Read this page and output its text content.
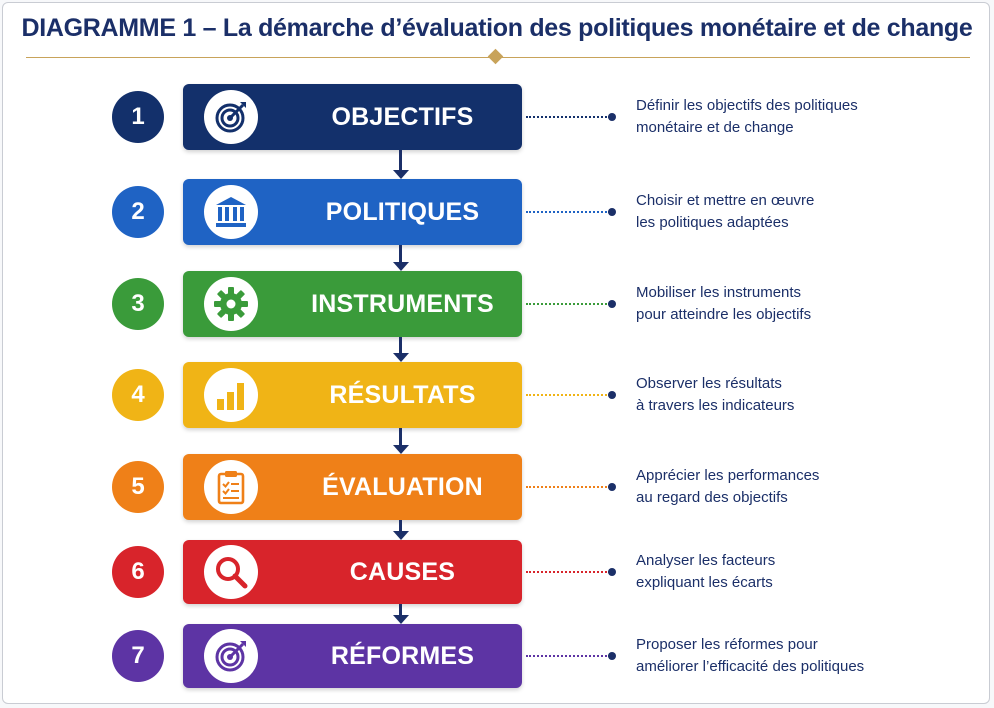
DIAGRAMME 1 – La démarche d’évaluation des politiques monétaire et de change
1	OBJECTIFS	Définir les objectifs des politiques
monétaire et de change
2	POLITIQUES	Choisir et mettre en œuvre
les politiques adaptées
3	INSTRUMENTS	Mobiliser les instruments
pour atteindre les objectifs
4	RÉSULTATS	Observer les résultats
à travers les indicateurs
5	ÉVALUATION	Apprécier les performances
au regard des objectifs
6	CAUSES	Analyser les facteurs
expliquant les écarts
7	RÉFORMES	Proposer les réformes pour
améliorer l’efficacité des politiques
